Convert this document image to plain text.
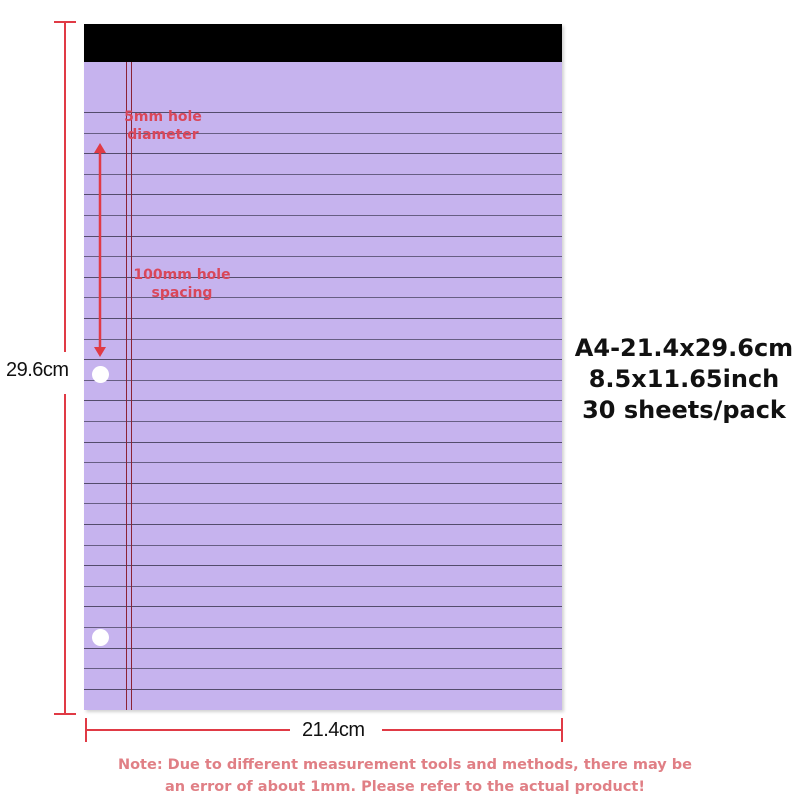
5mm hole
diameter
100mm hole
spacing
29.6cm
21.4cm
A4-21.4x29.6cm
8.5x11.65inch
30 sheets/pack
Note: Due to different measurement tools and methods, there may be
an error of about 1mm. Please refer to the actual product!
